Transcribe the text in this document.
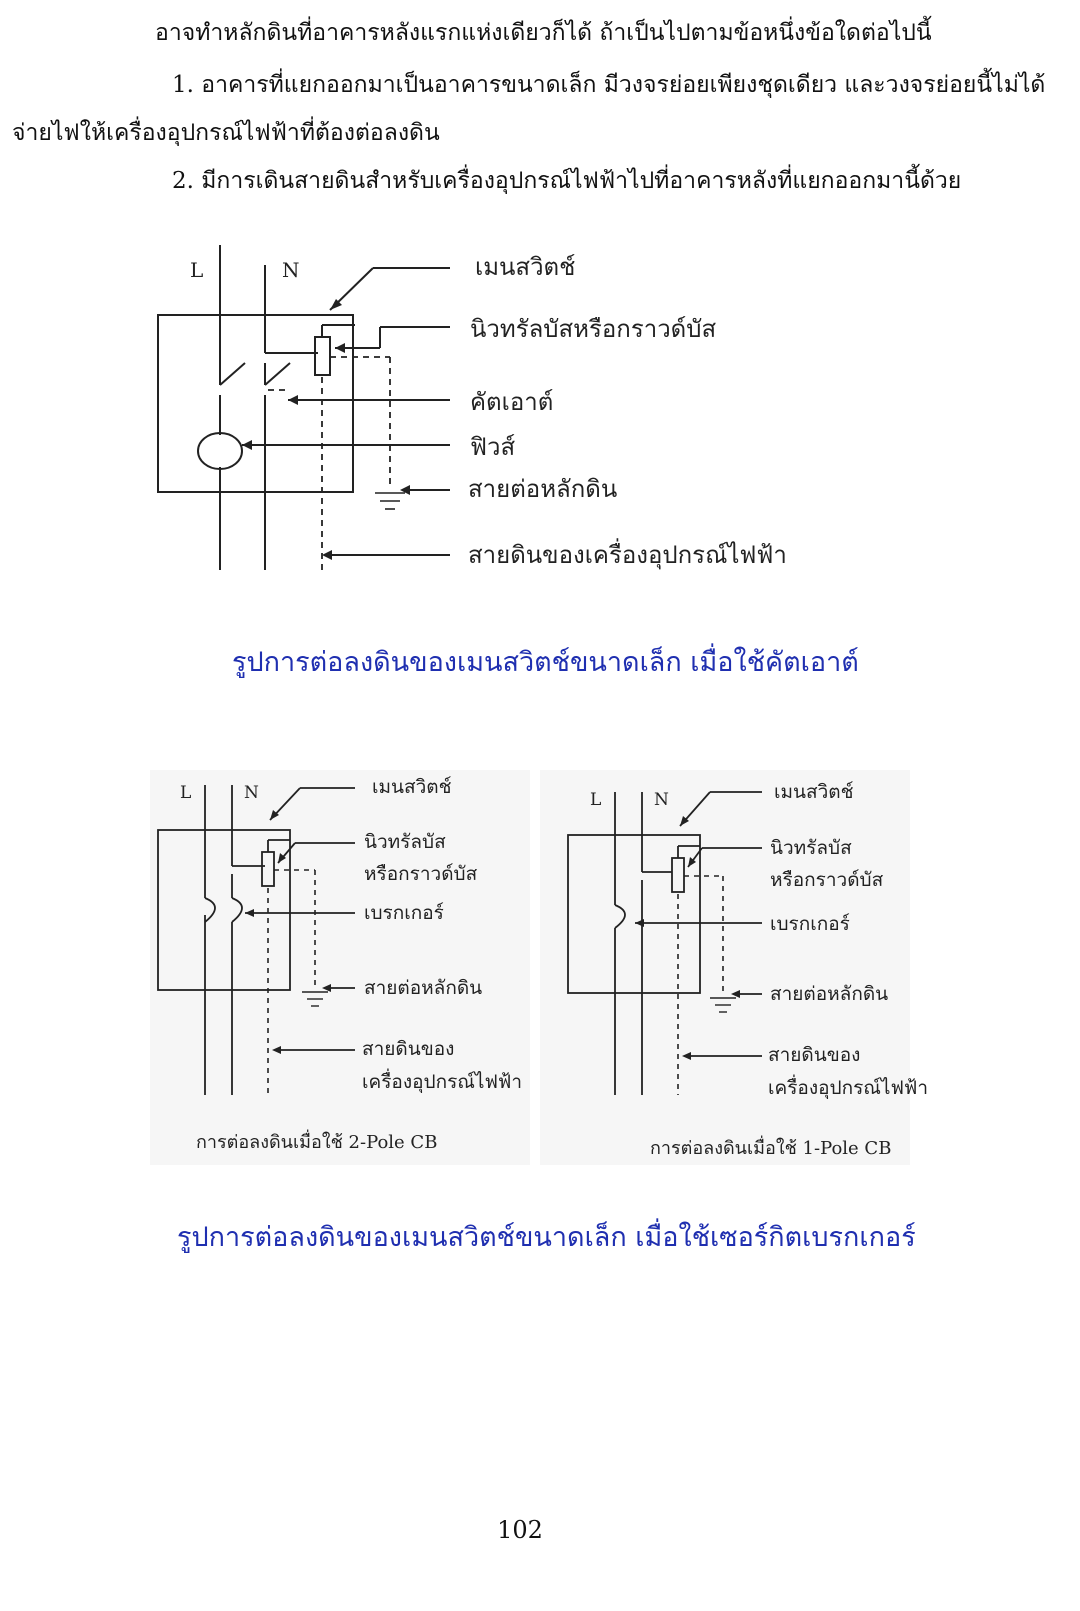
อาจทำหลักดินที่อาคารหลังแรกแห่งเดียวก็ได้ ถ้าเป็นไปตามข้อหนึ่งข้อใดต่อไปนี้
1. อาคารที่แยกออกมาเป็นอาคารขนาดเล็ก มีวงจรย่อยเพียงชุดเดียว และวงจรย่อยนี้ไม่ได้
จ่ายไฟให้เครื่องอุปกรณ์ไฟฟ้าที่ต้องต่อลงดิน
2. มีการเดินสายดินสำหรับเครื่องอุปกรณ์ไฟฟ้าไปที่อาคารหลังที่แยกออกมานี้ด้วย
L	N	เมนสวิตช์
นิวทรัลบัสหรือกราวด์บัส
คัตเอาต์
ฟิวส์
สายต่อหลักดิน
สายดินของเครื่องอุปกรณ์ไฟฟ้า
รูปการต่อลงดินของเมนสวิตช์ขนาดเล็ก เมื่อใช้คัตเอาต์
L	N	เมนสวิตช์
นิวทรัลบัส
หรือกราวด์บัส
เบรกเกอร์
สายต่อหลักดิน
สายดินของ
เครื่องอุปกรณ์ไฟฟ้า
การต่อลงดินเมื่อใช้ 2-Pole CB
L	N	เมนสวิตช์
นิวทรัลบัส
หรือกราวด์บัส
เบรกเกอร์
สายต่อหลักดิน
สายดินของ
เครื่องอุปกรณ์ไฟฟ้า
การต่อลงดินเมื่อใช้ 1-Pole CB
รูปการต่อลงดินของเมนสวิตช์ขนาดเล็ก เมื่อใช้เซอร์กิตเบรกเกอร์
102
